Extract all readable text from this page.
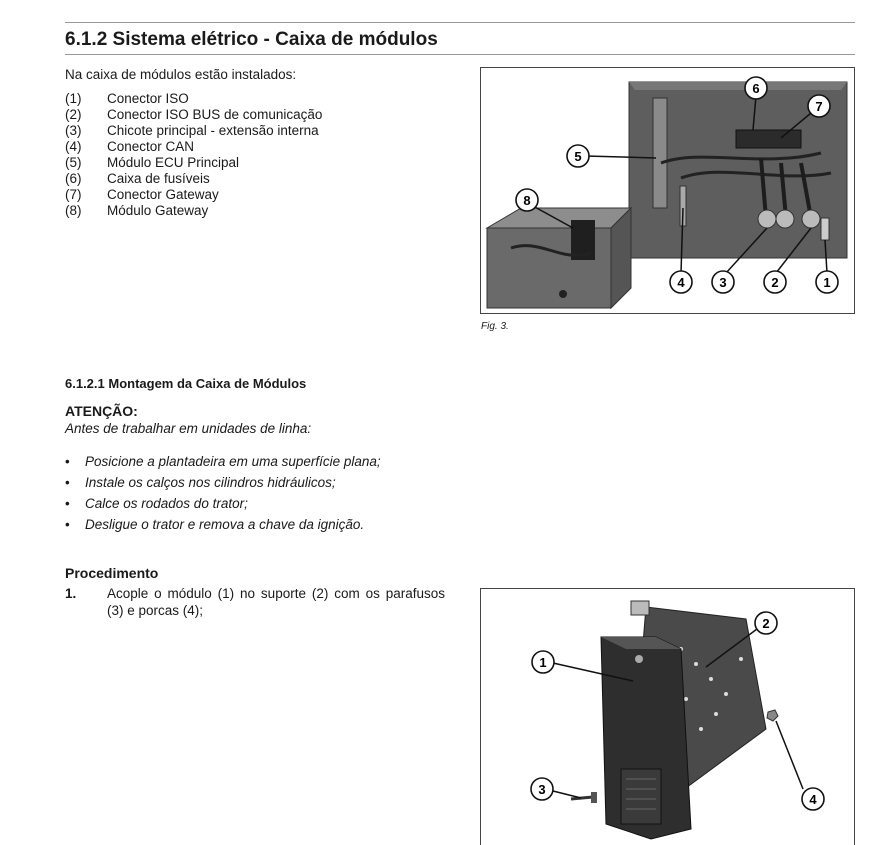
6.1.2 Sistema elétrico - Caixa de módulos
Na caixa de módulos estão instalados:
(1)	Conector ISO
(2)	Conector ISO BUS de comunicação
(3)	Chicote principal - extensão interna
(4)	Conector CAN
(5)	Módulo ECU Principal
(6)	Caixa de fusíveis
(7)	Conector Gateway
(8)	Módulo Gateway
1
2
3
4
5
6
7
8
Fig. 3.
6.1.2.1 Montagem da Caixa de Módulos
ATENÇÃO:
Antes de trabalhar em unidades de linha:
•	Posicione a plantadeira em uma superfície plana;
•	Instale os calços nos cilindros hidráulicos;
•	Calce os rodados do trator;
•	Desligue o trator e remova a chave da ignição.
Procedimento
1.	Acople o módulo (1) no suporte (2) com os parafusos (3) e porcas (4);
1
2
3
4
